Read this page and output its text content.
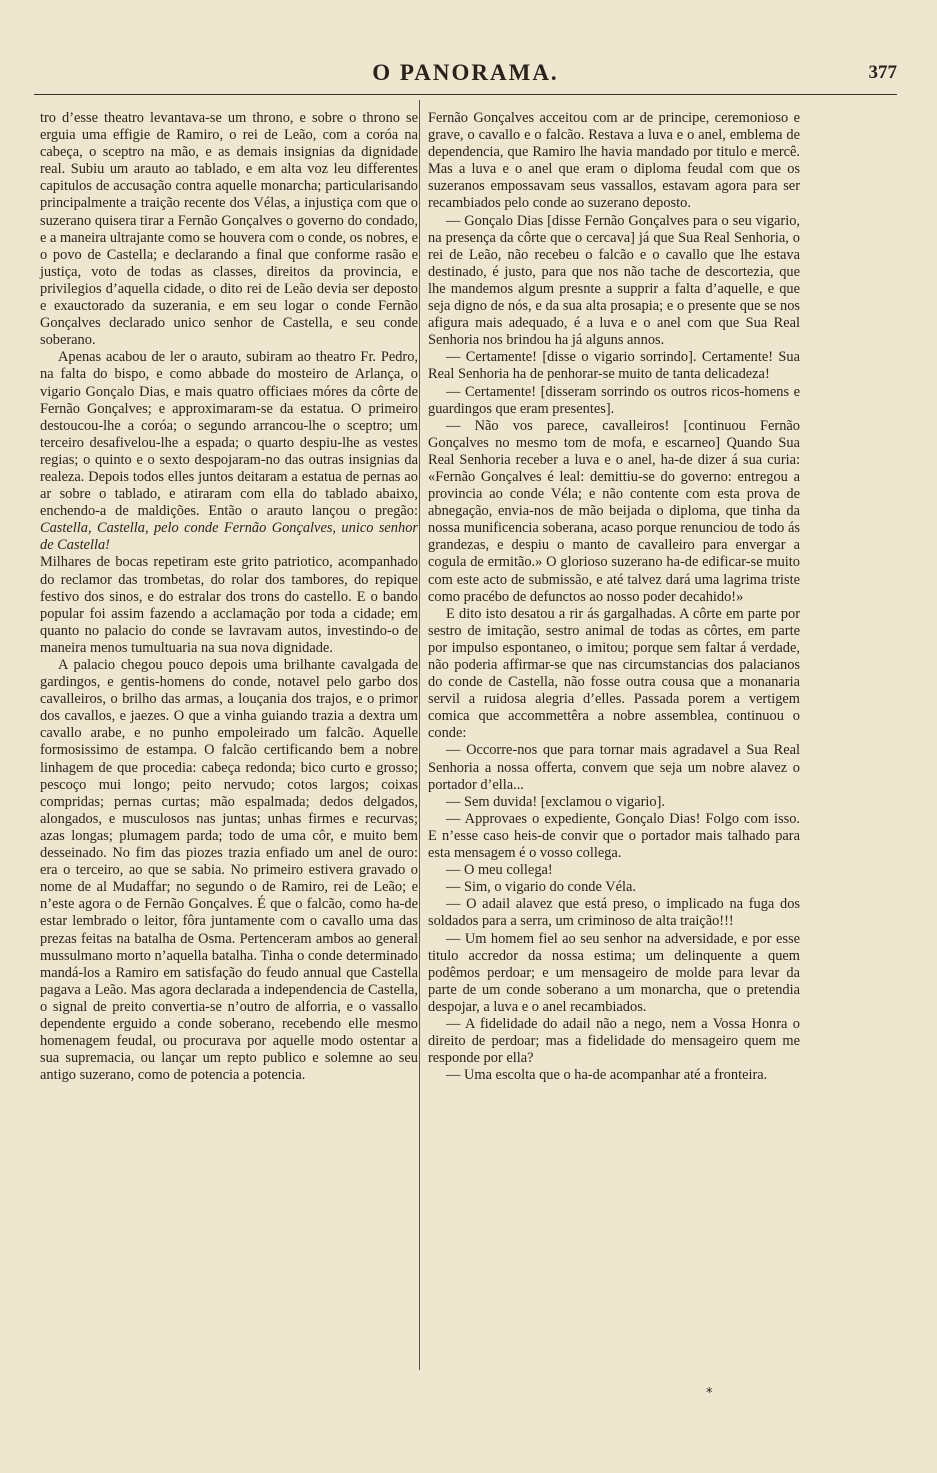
O PANORAMA.	377

tro d’esse theatro levantava-se um throno, e sobre o throno se erguia uma effigie de Ramiro, o rei de Leão, com a coróa na cabeça, o sceptro na mão, e as demais insignias da dignidade real. Subiu um arauto ao tablado, e em alta voz leu differentes capitulos de accusação contra aquelle monarcha; particularisando principalmente a traição recente dos Vélas, a injustiça com que o suzerano quisera tirar a Fernão Gonçalves o governo do condado, e a maneira ultrajante como se houvera com o conde, os nobres, e o povo de Castella; e declarando a final que conforme rasão e justiça, voto de todas as classes, direitos da provincia, e privilegios d’aquella cidade, o dito rei de Leão devia ser deposto e exauctorado da suzerania, e em seu logar o conde Fernão Gonçalves declarado unico senhor de Castella, e seu conde soberano.

Apenas acabou de ler o arauto, subiram ao theatro Fr. Pedro, na falta do bispo, e como abbade do mosteiro de Arlança, o vigario Gonçalo Dias, e mais quatro officiaes móres da côrte de Fernão Gonçalves; e approximaram-se da estatua. O primeiro destoucou-lhe a coróa; o segundo arrancou-lhe o sceptro; um terceiro desafivelou-lhe a espada; o quarto despiu-lhe as vestes regias; o quinto e o sexto despojaram-no das outras insignias da realeza. Depois todos elles juntos deitaram a estatua de pernas ao ar sobre o tablado, e atiraram com ella do tablado abaixo, enchendo-a de maldições. Então o arauto lançou o pregão: Castella, Castella, pelo conde Fernão Gonçalves, unico senhor de Castella!

Milhares de bocas repetiram este grito patriotico, acompanhado do reclamor das trombetas, do rolar dos tambores, do repique festivo dos sinos, e do estralar dos trons do castello. E o bando popular foi assim fazendo a acclamação por toda a cidade; em quanto no palacio do conde se lavravam autos, investindo-o de maneira menos tumultuaria na sua nova dignidade.

A palacio chegou pouco depois uma brilhante cavalgada de gardingos, e gentis-homens do conde, notavel pelo garbo dos cavalleiros, o brilho das armas, a louçania dos trajos, e o primor dos cavallos, e jaezes. O que a vinha guiando trazia a dextra um cavallo arabe, e no punho empoleirado um falcão. Aquelle formosissimo de estampa. O falcão certificando bem a nobre linhagem de que procedia: cabeça redonda; bico curto e grosso; pescoço mui longo; peito nervudo; cotos largos; coixas compridas; pernas curtas; mão espalmada; dedos delgados, alongados, e musculosos nas juntas; unhas firmes e recurvas; azas longas; plumagem parda; todo de uma côr, e muito bem desseinado. No fim das piozes trazia enfiado um anel de ouro: era o terceiro, ao que se sabia. No primeiro estivera gravado o nome de al Mudaffar; no segundo o de Ramiro, rei de Leão; e n’este agora o de Fernão Gonçalves. É que o falcão, como ha-de estar lembrado o leitor, fôra juntamente com o cavallo uma das prezas feitas na batalha de Osma. Pertenceram ambos ao general mussulmano morto n’aquella batalha. Tinha o conde determinado mandá-los a Ramiro em satisfação do feudo annual que Castella pagava a Leão. Mas agora declarada a independencia de Castella, o signal de preito convertia-se n’outro de alforria, e o vassallo dependente erguido a conde soberano, recebendo elle mesmo homenagem feudal, ou procurava por aquelle modo ostentar a sua supremacia, ou lançar um repto publico e solemne ao seu antigo suzerano, como de potencia a potencia.

Fernão Gonçalves acceitou com ar de principe, ceremonioso e grave, o cavallo e o falcão. Restava a luva e o anel, emblema de dependencia, que Ramiro lhe havia mandado por titulo e mercê. Mas a luva e o anel que eram o diploma feudal com que os suzeranos empossavam seus vassallos, estavam agora para ser recambiados pelo conde ao suzerano deposto.

— Gonçalo Dias [disse Fernão Gonçalves para o seu vigario, na presença da côrte que o cercava] já que Sua Real Senhoria, o rei de Leão, não recebeu o falcão e o cavallo que lhe estava destinado, é justo, para que nos não tache de descortezia, que lhe mandemos algum presnte a supprir a falta d’aquelle, e que seja digno de nós, e da sua alta prosapia; e o presente que se nos afigura mais adequado, é a luva e o anel com que Sua Real Senhoria nos brindou ha já alguns annos.

— Certamente! [disse o vigario sorrindo]. Certamente! Sua Real Senhoria ha de penhorar-se muito de tanta delicadeza!

— Certamente! [disseram sorrindo os outros ricos-homens e guardingos que eram presentes].

— Não vos parece, cavalleiros! [continuou Fernão Gonçalves no mesmo tom de mofa, e escarneo] Quando Sua Real Senhoria receber a luva e o anel, ha-de dizer á sua curia: «Fernão Gonçalves é leal: demittiu-se do governo: entregou a provincia ao conde Véla; e não contente com esta prova de abnegação, envia-nos de mão beijada o diploma, que tinha da nossa munificencia soberana, acaso porque renunciou de todo ás grandezas, e despiu o manto de cavalleiro para envergar a cogula de ermitão.» O glorioso suzerano ha-de edificar-se muito com este acto de submissão, e até talvez dará uma lagrima triste como pracébo de defunctos ao nosso poder decahido!»

E dito isto desatou a rir ás gargalhadas. A côrte em parte por sestro de imitação, sestro animal de todas as côrtes, em parte por impulso espontaneo, o imitou; porque sem faltar á verdade, não poderia affirmar-se que nas circumstancias dos palacianos do conde de Castella, não fosse outra cousa que a monanaria servil a ruidosa alegria d’elles. Passada porem a vertigem comica que accommettêra a nobre assemblea, continuou o conde:

— Occorre-nos que para tornar mais agradavel a Sua Real Senhoria a nossa offerta, convem que seja um nobre alavez o portador d’ella...

— Sem duvida! [exclamou o vigario].

— Approvaes o expediente, Gonçalo Dias! Folgo com isso. E n’esse caso heis-de convir que o portador mais talhado para esta mensagem é o vosso collega.

— O meu collega!

— Sim, o vigario do conde Véla.

— O adail alavez que está preso, o implicado na fuga dos soldados para a serra, um criminoso de alta traição!!!

— Um homem fiel ao seu senhor na adversidade, e por esse titulo accredor da nossa estima; um delinquente a quem podêmos perdoar; e um mensageiro de molde para levar da parte de um conde soberano a um monarcha, que o pretendia despojar, a luva e o anel recambiados.

— A fidelidade do adail não a nego, nem a Vossa Honra o direito de perdoar; mas a fidelidade do mensageiro quem me responde por ella?

— Uma escolta que o ha-de acompanhar até a fronteira.

*
